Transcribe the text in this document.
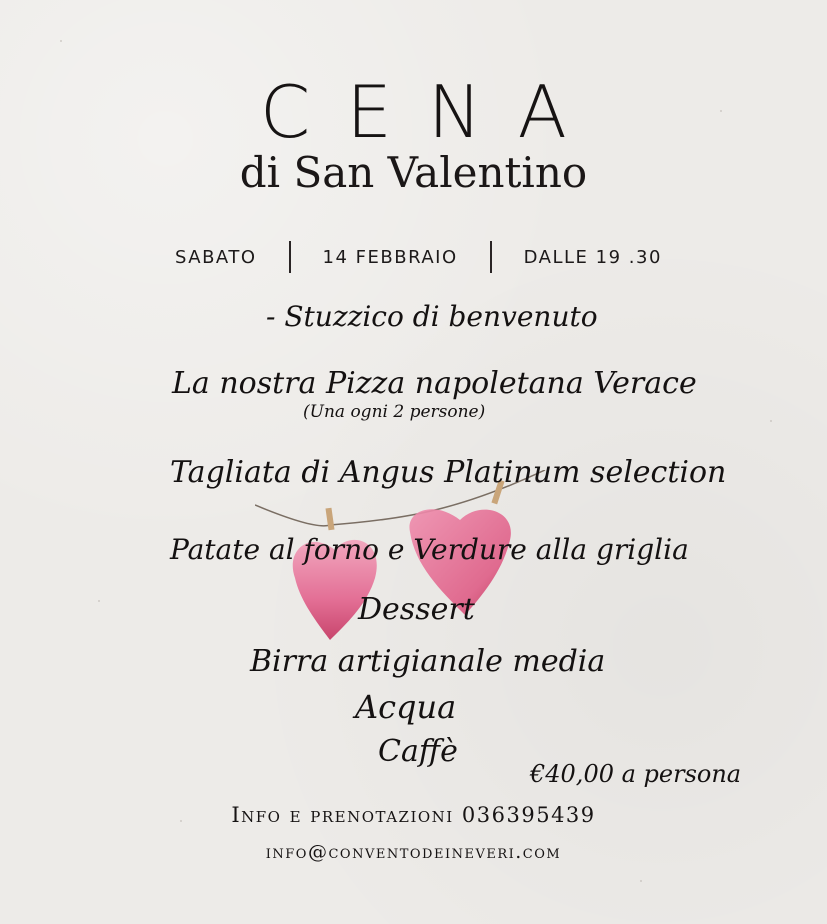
CENA
di San Valentino
SABATO	14 FEBBRAIO	DALLE 19 .30
- Stuzzico di benvenuto
La nostra Pizza napoletana Verace
(Una ogni 2 persone)
Tagliata di Angus Platinum selection
Patate al forno e Verdure alla griglia
Dessert
Birra artigianale media
Acqua
Caffè
€40,00 a persona
Info e prenotazioni 036395439
info@conventodeineveri.com
